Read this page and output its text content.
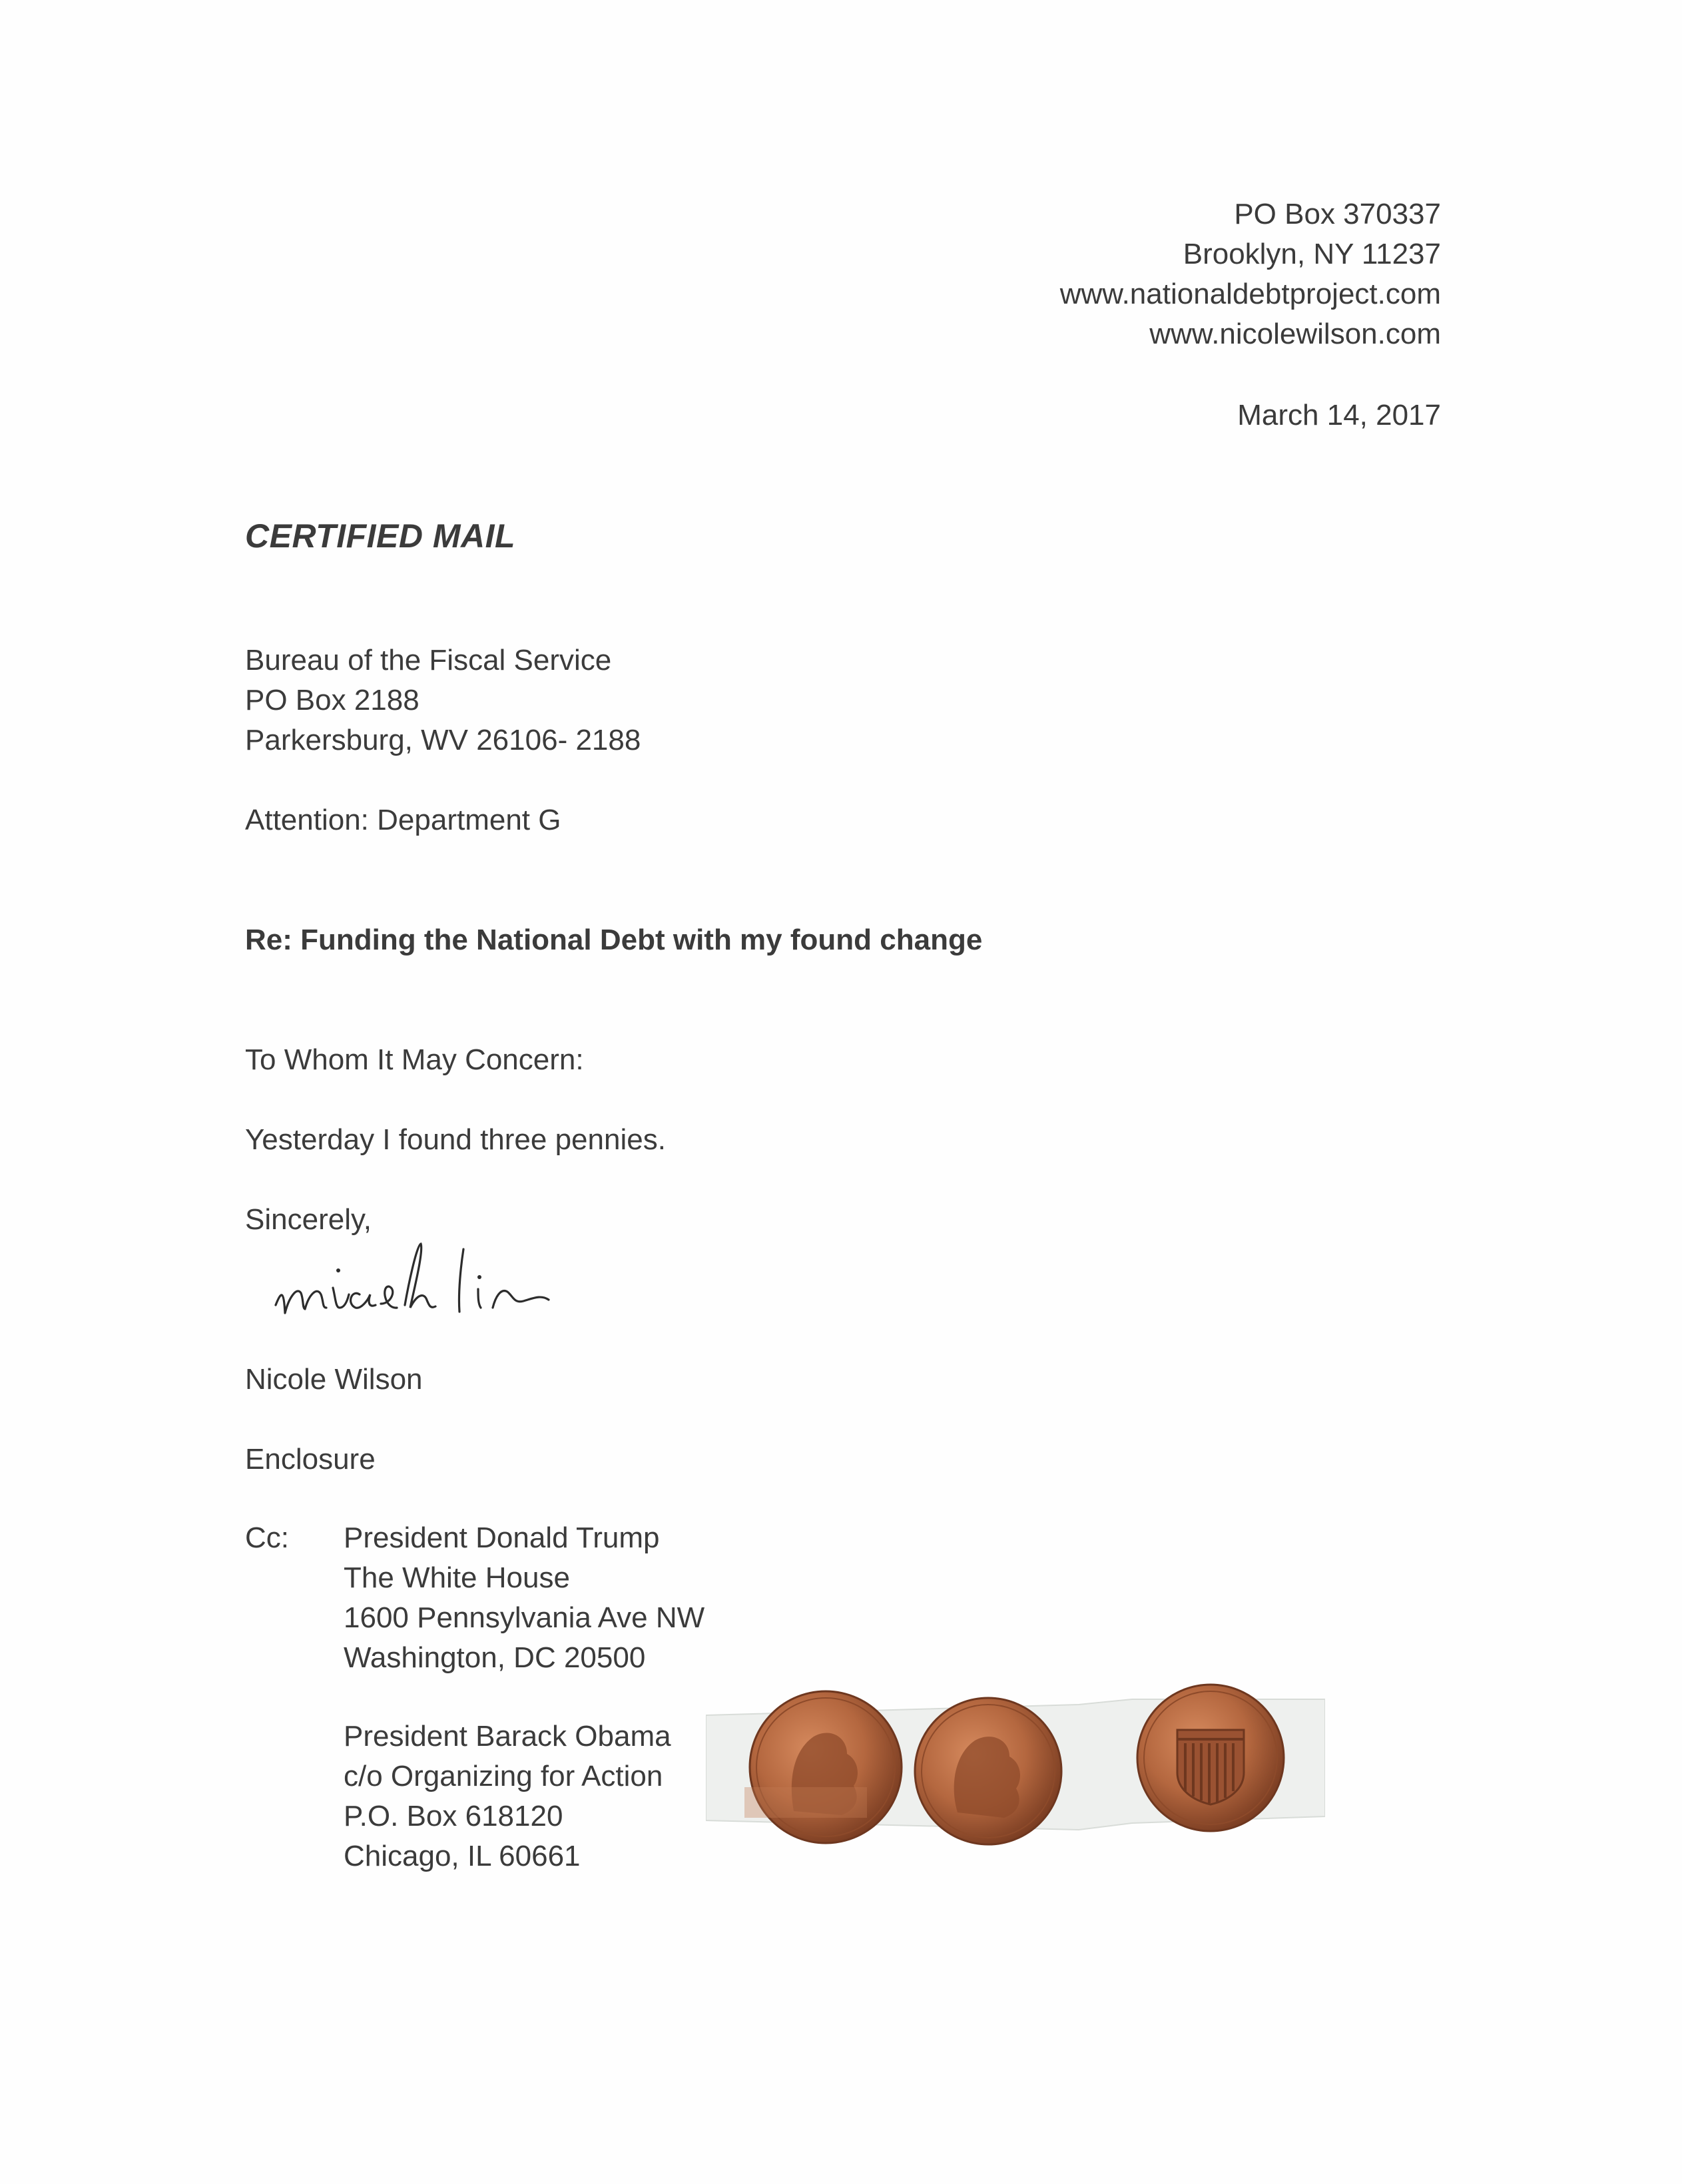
PO Box 370337
Brooklyn, NY 11237
www.nationaldebtproject.com
www.nicolewilson.com
March 14, 2017
CERTIFIED MAIL
Bureau of the Fiscal Service
PO Box 2188
Parkersburg, WV 26106- 2188
Attention: Department G
Re: Funding the National Debt with my found change
To Whom It May Concern:
Yesterday I found three pennies.
Sincerely,
Nicole Wilson
Enclosure
Cc: President Donald Trump
The White House
1600 Pennsylvania Ave NW
Washington, DC 20500
President Barack Obama
c/o Organizing for Action
P.O. Box 618120
Chicago, IL 60661
